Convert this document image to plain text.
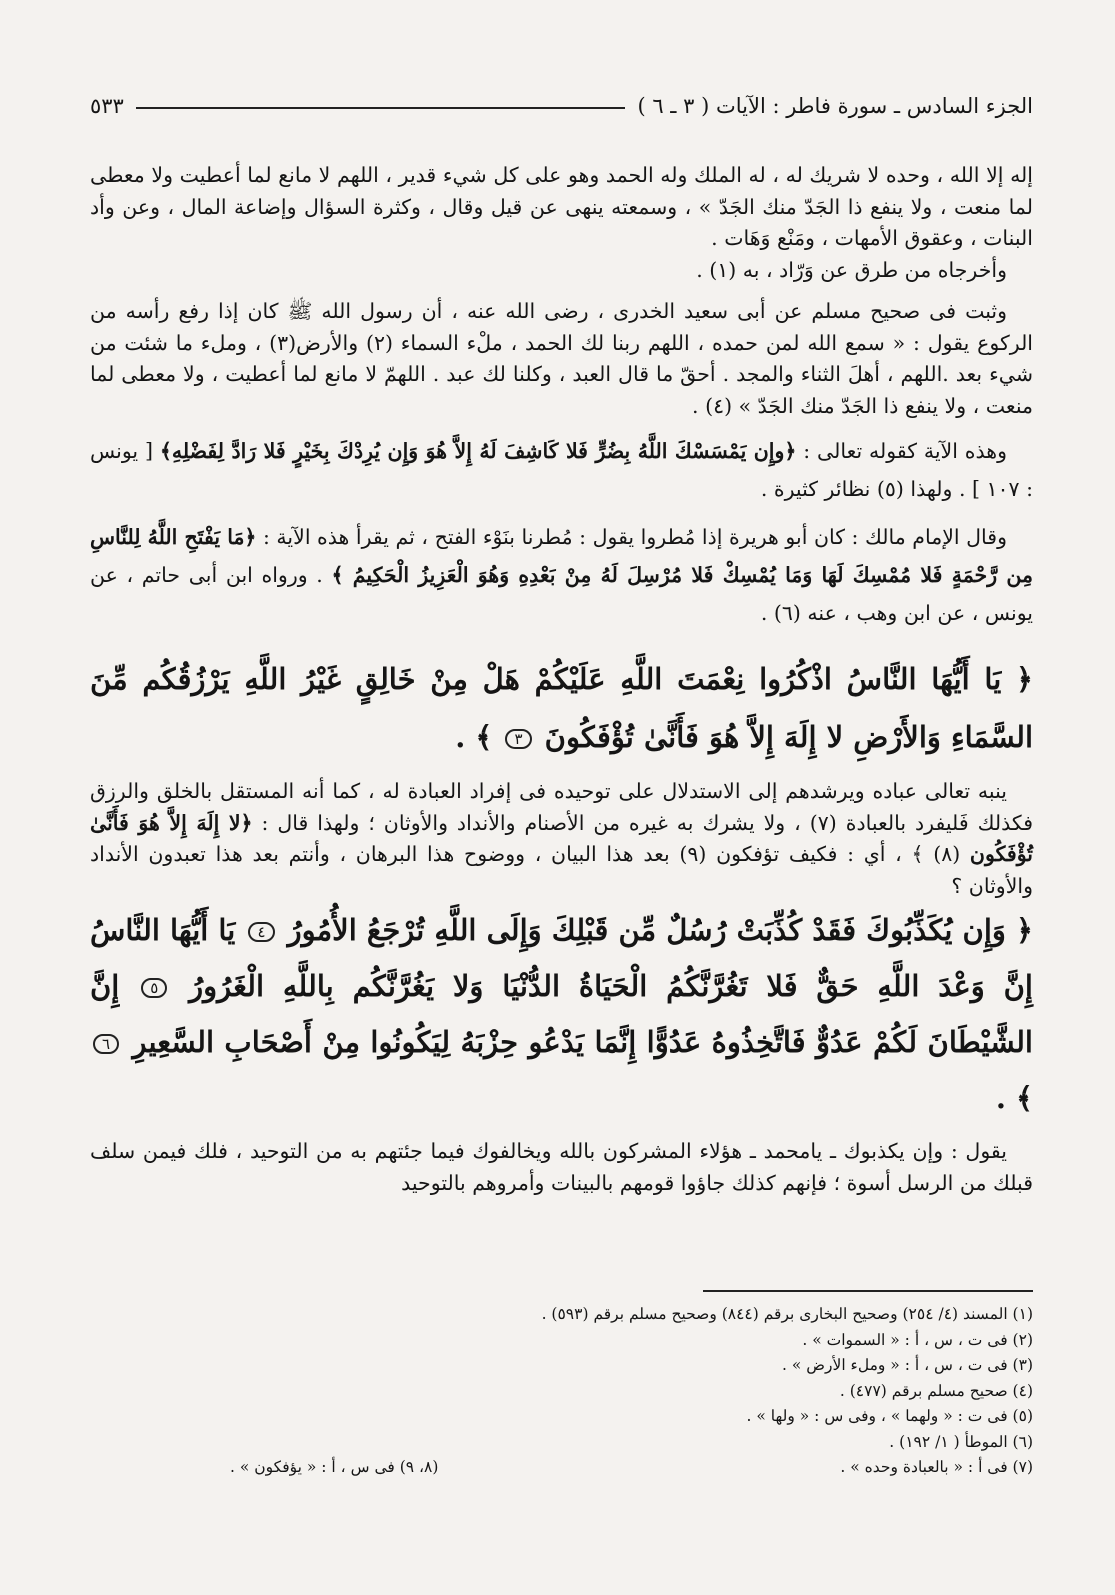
الجزء السادس ـ سورة فاطر : الآيات ( ٣ ـ ٦ )
٥٣٣

إله إلا الله ، وحده لا شريك له ، له الملك وله الحمد وهو على كل شيء قدير ، اللهم لا مانع لما أعطيت ولا معطى لما منعت ، ولا ينفع ذا الجَدّ منك الجَدّ » ، وسمعته ينهى عن قيل وقال ، وكثرة السؤال وإضاعة المال ، وعن وأد البنات ، وعقوق الأمهات ، ومَنْع وَهَات .

وأخرجاه من طرق عن وَرّاد ، به (١) .

وثبت فى صحيح مسلم عن أبى سعيد الخدرى ، رضى الله عنه ، أن رسول الله ﷺ كان إذا رفع رأسه من الركوع يقول : « سمع الله لمن حمده ، اللهم ربنا لك الحمد ، ملْء السماء (٢) والأرض(٣) ، وملء ما شئت من شيء بعد .اللهم ، أهلَ الثناء والمجد . أحقّ ما قال العبد ، وكلنا لك عبد . اللهمّ لا مانع لما أعطيت ، ولا معطى لما منعت ، ولا ينفع ذا الجَدّ منك الجَدّ » (٤) .

وهذه الآية كقوله تعالى : ﴿وإِن يَمْسَسْكَ اللَّهُ بِضُرٍّ فَلا كَاشِفَ لَهُ إِلاَّ هُوَ وَإِن يُرِدْكَ بِخَيْرٍ فَلا رَادَّ لِفَضْلِهِ﴾ [ يونس : ١٠٧ ] . ولهذا (٥) نظائر كثيرة .

وقال الإمام مالك : كان أبو هريرة إذا مُطروا يقول : مُطرنا بنَوْء الفتح ، ثم يقرأ هذه الآية : ﴿مَا يَفْتَحِ اللَّهُ لِلنَّاسِ مِن رَّحْمَةٍ فَلا مُمْسِكَ لَهَا وَمَا يُمْسِكْ فَلا مُرْسِلَ لَهُ مِنْ بَعْدِهِ وَهُوَ الْعَزِيزُ الْحَكِيمُ ﴾ . ورواه ابن أبى حاتم ، عن يونس ، عن ابن وهب ، عنه (٦) .

﴿ يَا أَيُّهَا النَّاسُ اذْكُرُوا نِعْمَتَ اللَّهِ عَلَيْكُمْ هَلْ مِنْ خَالِقٍ غَيْرُ اللَّهِ يَرْزُقُكُم مِّنَ السَّمَاءِ وَالأَرْضِ لا إِلَهَ إِلاَّ هُوَ فَأَنَّىٰ تُؤْفَكُونَ ٣ ﴾ .

ينبه تعالى عباده ويرشدهم إلى الاستدلال على توحيده فى إفراد العبادة له ، كما أنه المستقل بالخلق والرزق فكذلك فَليفرد بالعبادة (٧) ، ولا يشرك به غيره من الأصنام والأنداد والأوثان ؛ ولهذا قال : ﴿لا إِلَهَ إِلاَّ هُوَ فَأَنَّىٰ تُؤْفَكُون (٨) ﴾ ، أي : فكيف تؤفكون (٩) بعد هذا البيان ، ووضوح هذا البرهان ، وأنتم بعد هذا تعبدون الأنداد والأوثان ؟

﴿ وَإِن يُكَذِّبُوكَ فَقَدْ كُذِّبَتْ رُسُلٌ مِّن قَبْلِكَ وَإِلَى اللَّهِ تُرْجَعُ الأُمُورُ ٤ يَا أَيُّهَا النَّاسُ إِنَّ وَعْدَ اللَّهِ حَقٌّ فَلا تَغُرَّنَّكُمُ الْحَيَاةُ الدُّنْيَا وَلا يَغُرَّنَّكُم بِاللَّهِ الْغَرُورُ ٥ إِنَّ الشَّيْطَانَ لَكُمْ عَدُوٌّ فَاتَّخِذُوهُ عَدُوًّا إِنَّمَا يَدْعُو حِزْبَهُ لِيَكُونُوا مِنْ أَصْحَابِ السَّعِيرِ ٦ ﴾ .

يقول : وإن يكذبوك ـ يامحمد ـ هؤلاء المشركون بالله ويخالفوك فيما جئتهم به من التوحيد ، فلك فيمن سلف قبلك من الرسل أسوة ؛ فإنهم كذلك جاؤوا قومهم بالبينات وأمروهم بالتوحيد

(١) المسند (٤/ ٢٥٤) وصحيح البخارى برقم (٨٤٤) وصحيح مسلم برقم (٥٩٣) .

(٢) فى ت ، س ، أ : « السموات » .

(٣) فى ت ، س ، أ : « وملء الأرض » .

(٤) صحيح مسلم برقم (٤٧٧) .

(٥) فى ت : « ولهما » ، وفى س : « ولها » .

(٦) الموطأ ( ١/ ١٩٢) .

(٧) فى أ : « بالعبادة وحده » .
(٨، ٩) فى س ، أ : « يؤفكون » .
